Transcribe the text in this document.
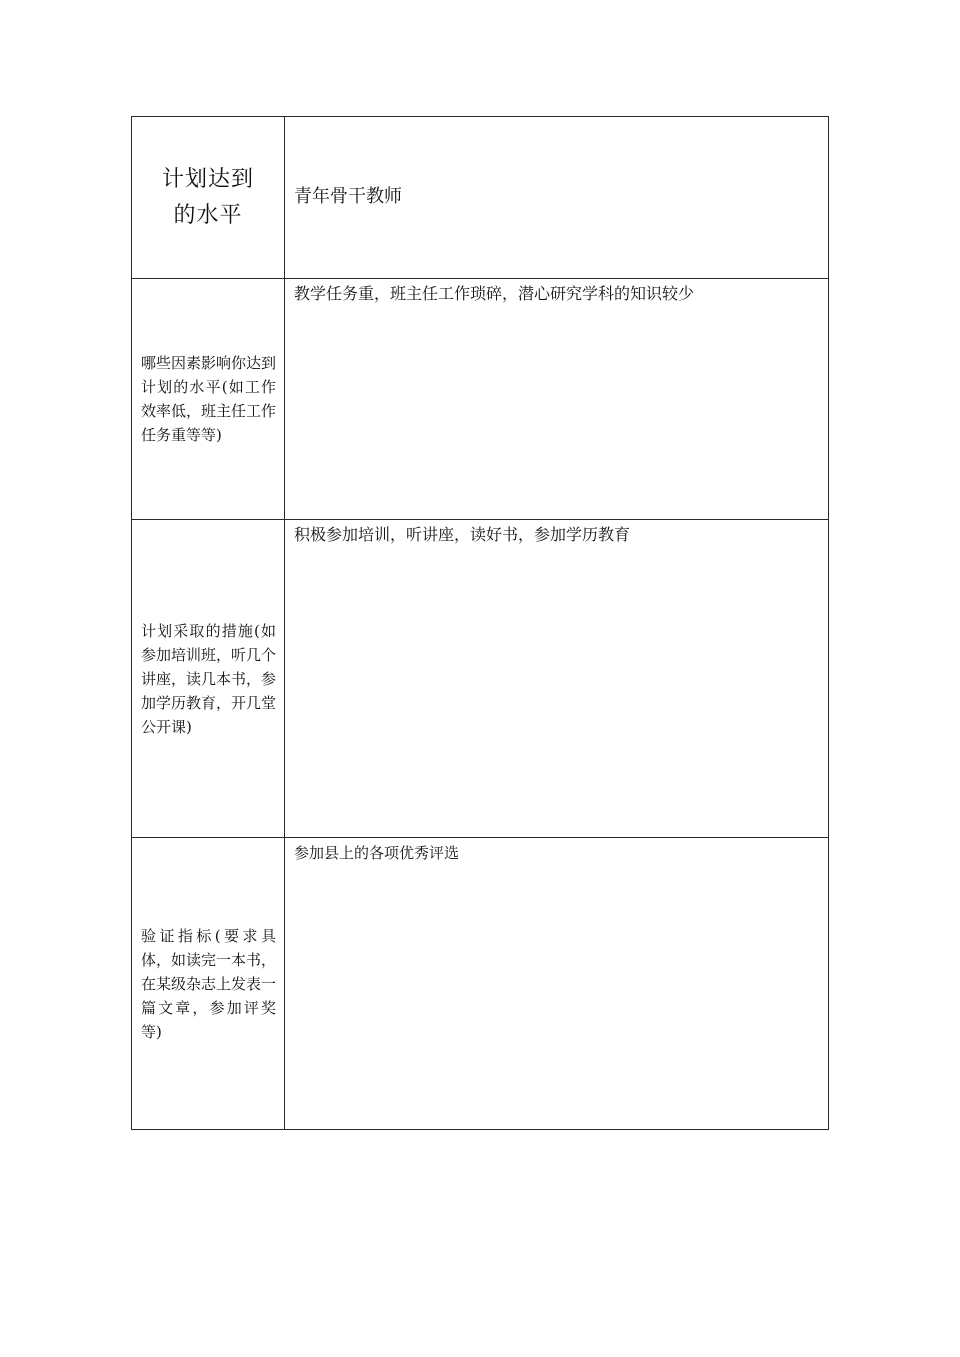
计划达到
的水平	青年骨干教师

哪些因素影响你达到计划的水平(如工作效率低，班主任工作任务重等等)	教学任务重，班主任工作琐碎，潜心研究学科的知识较少

计划采取的措施(如参加培训班，听几个讲座，读几本书，参加学历教育，开几堂公开课)	积极参加培训，听讲座，读好书，参加学历教育

验证指标(要求具体，如读完一本书，在某级杂志上发表一篇文章，参加评奖等)	参加县上的各项优秀评选
